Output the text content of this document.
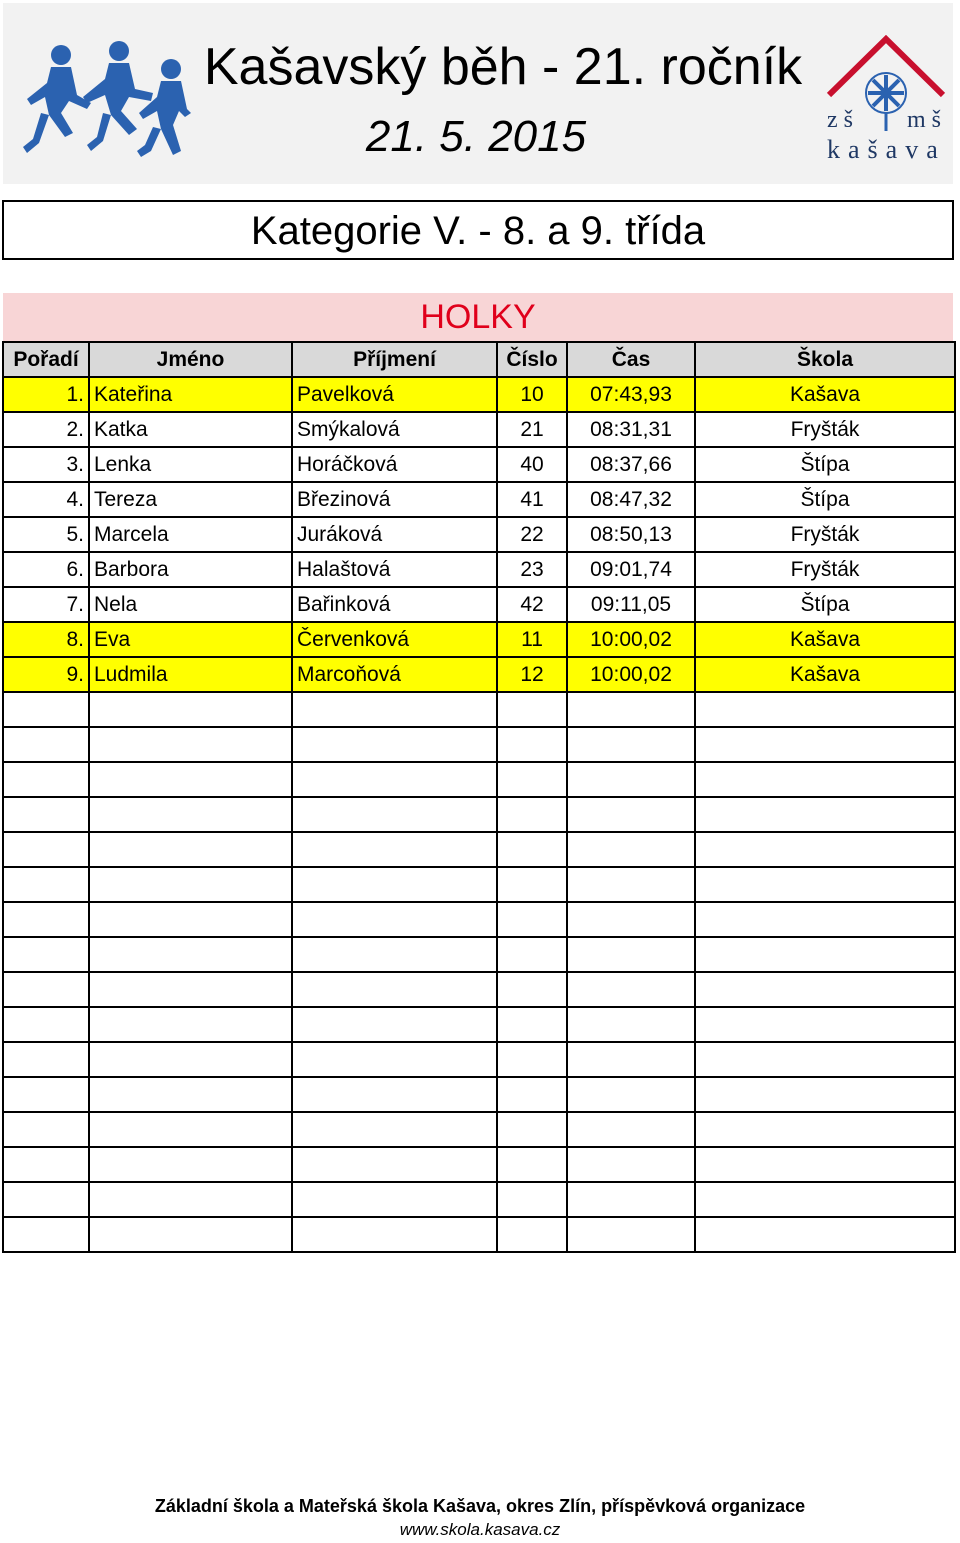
Kašavský běh - 21. ročník
21. 5. 2015	zš mš
kašava
Kategorie V. - 8. a 9. třída
HOLKY
Pořadí	Jméno	Příjmení	Číslo	Čas	Škola
1.	Kateřina	Pavelková	10	07:43,93	Kašava
2.	Katka	Smýkalová	21	08:31,31	Fryšták
3.	Lenka	Horáčková	40	08:37,66	Štípa
4.	Tereza	Březinová	41	08:47,32	Štípa
5.	Marcela	Juráková	22	08:50,13	Fryšták
6.	Barbora	Halaštová	23	09:01,74	Fryšták
7.	Nela	Bařinková	42	09:11,05	Štípa
8.	Eva	Červenková	11	10:00,02	Kašava
9.	Ludmila	Marcoňová	12	10:00,02	Kašava

Základní škola a Mateřská škola Kašava, okres Zlín, příspěvková organizace
www.skola.kasava.cz
